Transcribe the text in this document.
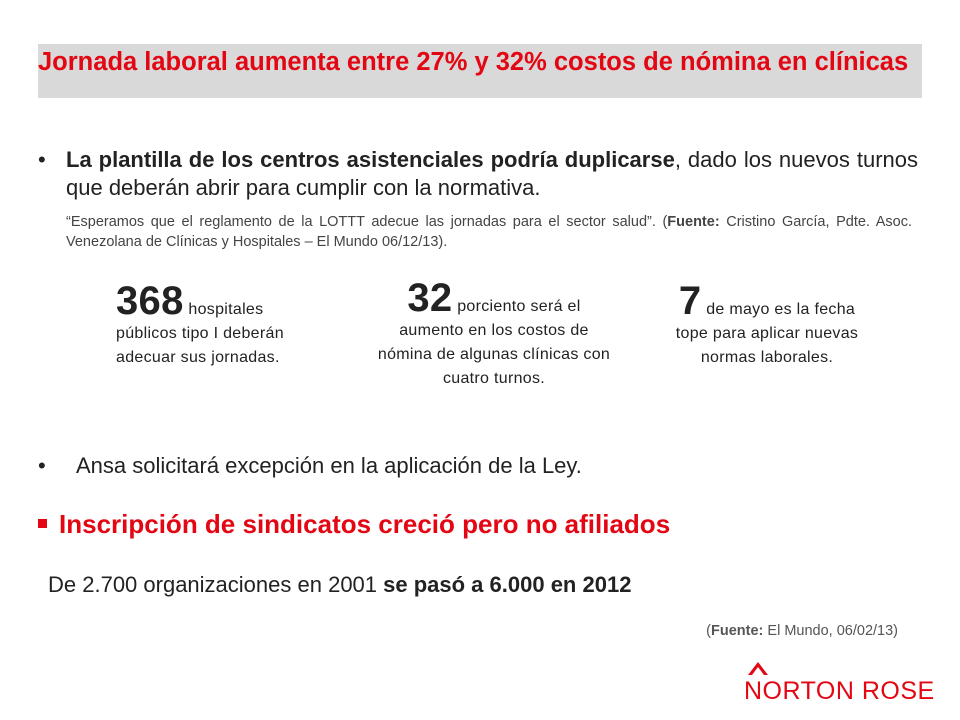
Jornada laboral aumenta entre 27% y 32% costos de nómina en clínicas
• La plantilla de los centros asistenciales podría duplicarse, dado los nuevos turnos que deberán abrir para cumplir con la normativa.
“Esperamos que el reglamento de la LOTTT adecue las jornadas para el sector salud”. (Fuente: Cristino García, Pdte. Asoc. Venezolana de Clínicas y Hospitales – El Mundo 06/12/13).
368 hospitales públicos tipo I deberán adecuar sus jornadas.
32 porciento será el aumento en los costos de nómina de algunas clínicas con cuatro turnos.
7 de mayo es la fecha tope para aplicar nuevas normas laborales.
• Ansa solicitará excepción en la aplicación de la Ley.
Inscripción de sindicatos creció pero no afiliados
De 2.700 organizaciones en 2001 se pasó a 6.000 en 2012
(Fuente: El Mundo, 06/02/13)
NORTON ROSE
